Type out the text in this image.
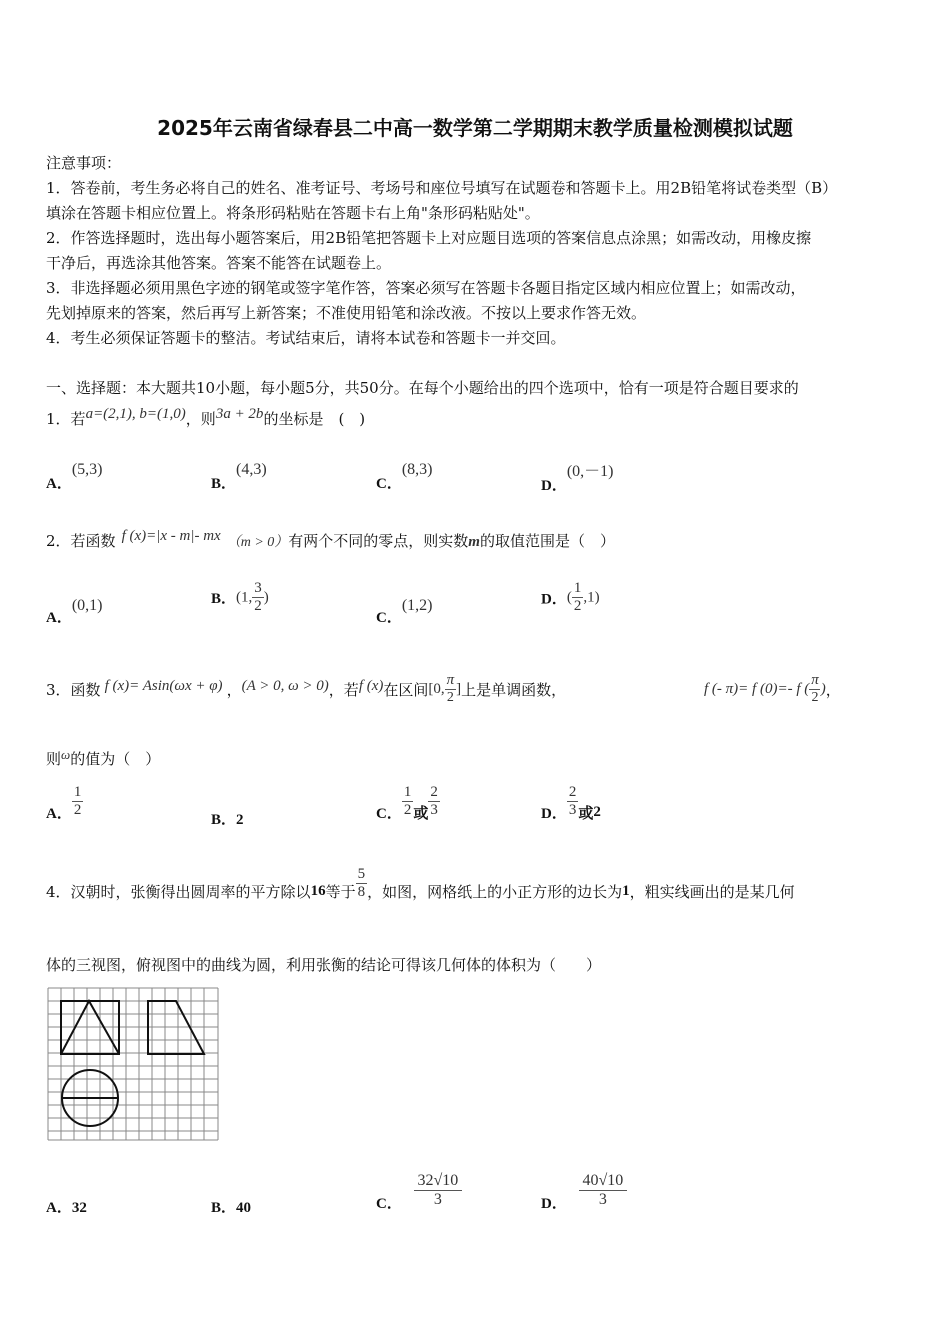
2025年云南省绿春县二中高一数学第二学期期末教学质量检测模拟试题
注意事项：
1．答卷前，考生务必将自己的姓名、准考证号、考场号和座位号填写在试题卷和答题卡上。用2B铅笔将试卷类型（B）
填涂在答题卡相应位置上。将条形码粘贴在答题卡右上角"条形码粘贴处"。
2．作答选择题时，选出每小题答案后，用2B铅笔把答题卡上对应题目选项的答案信息点涂黑；如需改动，用橡皮擦
干净后，再选涂其他答案。答案不能答在试题卷上。
3．非选择题必须用黑色字迹的钢笔或签字笔作答，答案必须写在答题卡各题目指定区域内相应位置上；如需改动，
先划掉原来的答案，然后再写上新答案；不准使用铅笔和涂改液。不按以上要求作答无效。
4．考生必须保证答题卡的整洁。考试结束后，请将本试卷和答题卡一并交回。
一、选择题：本大题共10小题，每小题5分，共50分。在每个小题给出的四个选项中，恰有一项是符合题目要求的
1．若a=(2,1), b=(1,0)，则3a + 2b的坐标是　(　)
A．(5,3)
B．(4,3)
C．(8,3)
D．(0,－1)
2．若函数 f (x)=|x - m|- mx （m > 0）有两个不同的零点，则实数m的取值范围是（　）
A．(0,1)	B．(1, $\frac{3}{2}$ )
C．(1,2)	D．( $\frac{1}{2} ,1$)
3． 函数 f (x)= Asin(ωx + φ) ， (A > 0, ω > 0) ，若 f (x) 在区间 [0, $\frac{\pi}{2}$ ] 上是单调函数，	f (- π)= f (0)=- f ( $\frac{\pi}{2}$ ) ，
则ω的值为（　）
A． $\frac{1}{2}$
B．2	C． $\frac{1}{2}$ 或 $\frac{2}{3}$	D． $\frac{2}{3}$ 或 2
4． 汉朝时，张衡得出圆周率的平方除以 16 等于 $\frac{5}{8}$ ，如图，网格纸上的小正方形的边长为 1 ，粗实线画出的是某几何
体的三视图，俯视图中的曲线为圆，利用张衡的结论可得该几何体的体积为（　　）
A．32	B．40	C． $\frac{32√10}{3}$	D． $\frac{40√10}{3}$
